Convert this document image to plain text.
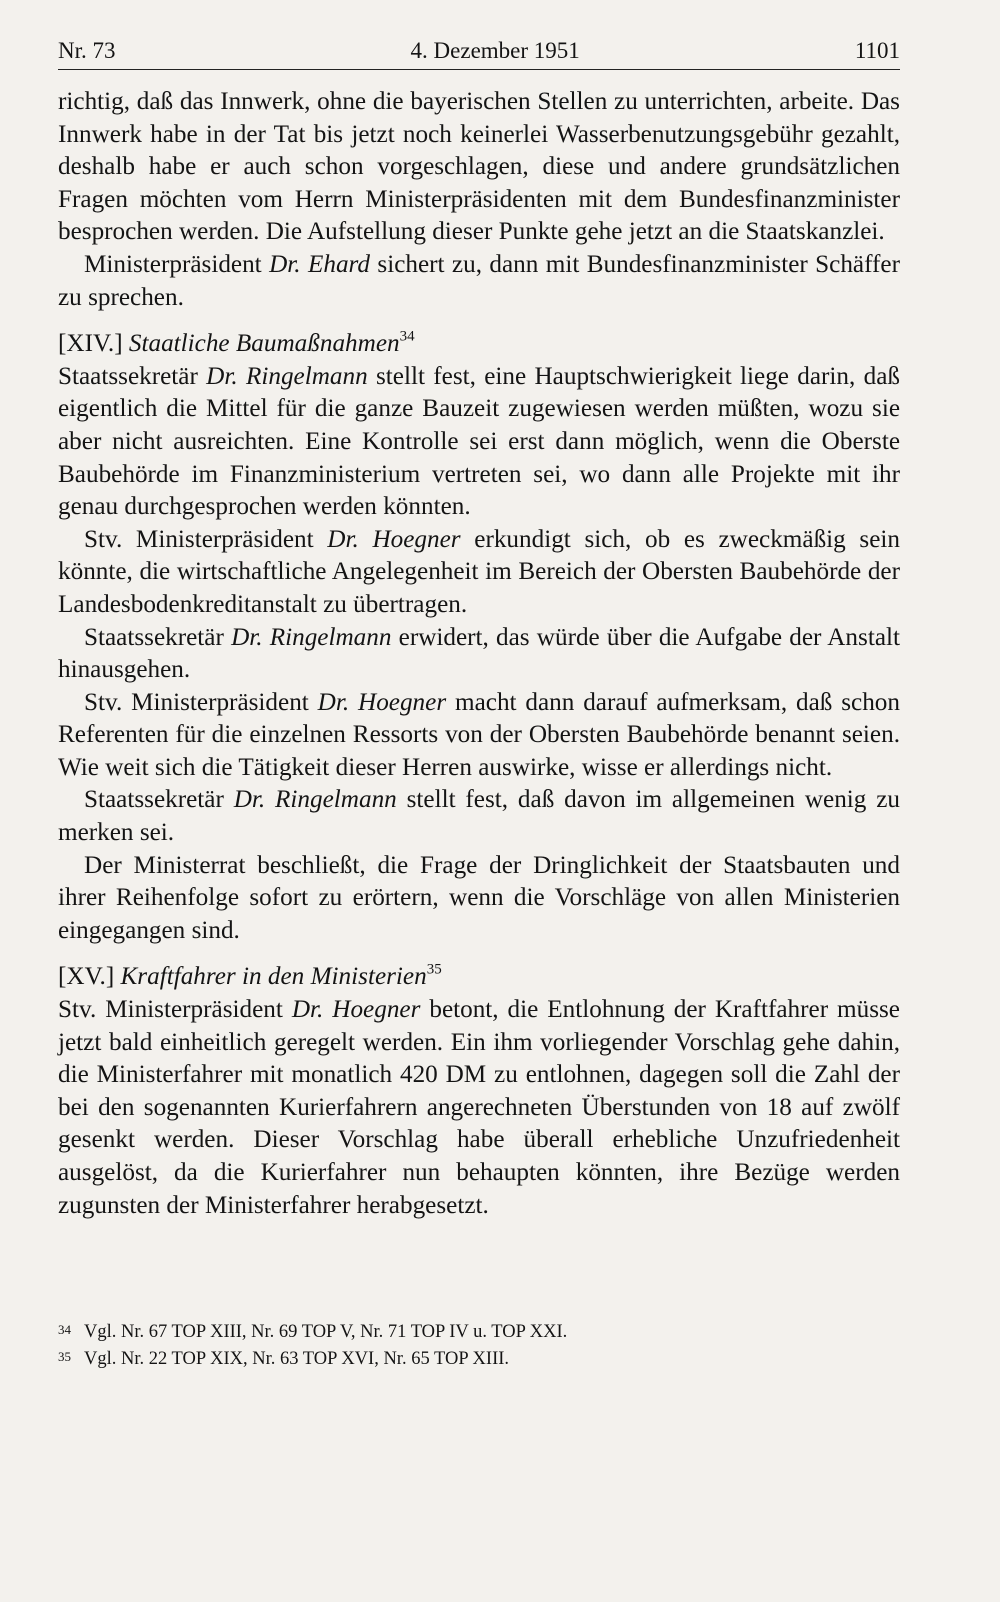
Nr. 73	4. Dezember 1951	1101

richtig, daß das Innwerk, ohne die bayerischen Stellen zu unterrichten, arbeite. Das Innwerk habe in der Tat bis jetzt noch keinerlei Wasserbenutzungsgebühr gezahlt, deshalb habe er auch schon vorgeschlagen, diese und andere grundsätzlichen Fragen möchten vom Herrn Ministerpräsidenten mit dem Bundesfinanzminister besprochen werden. Die Aufstellung dieser Punkte gehe jetzt an die Staatskanzlei.

Ministerpräsident Dr. Ehard sichert zu, dann mit Bundesfinanzminister Schäffer zu sprechen.

[XIV.] Staatliche Baumaßnahmen$^{34}$

Staatssekretär Dr. Ringelmann stellt fest, eine Hauptschwierigkeit liege darin, daß eigentlich die Mittel für die ganze Bauzeit zugewiesen werden müßten, wozu sie aber nicht ausreichten. Eine Kontrolle sei erst dann möglich, wenn die Oberste Baubehörde im Finanzministerium vertreten sei, wo dann alle Projekte mit ihr genau durchgesprochen werden könnten.

Stv. Ministerpräsident Dr. Hoegner erkundigt sich, ob es zweckmäßig sein könnte, die wirtschaftliche Angelegenheit im Bereich der Obersten Baubehörde der Landesbodenkreditanstalt zu übertragen.

Staatssekretär Dr. Ringelmann erwidert, das würde über die Aufgabe der Anstalt hinausgehen.

Stv. Ministerpräsident Dr. Hoegner macht dann darauf aufmerksam, daß schon Referenten für die einzelnen Ressorts von der Obersten Baubehörde benannt seien. Wie weit sich die Tätigkeit dieser Herren auswirke, wisse er allerdings nicht.

Staatssekretär Dr. Ringelmann stellt fest, daß davon im allgemeinen wenig zu merken sei.

Der Ministerrat beschließt, die Frage der Dringlichkeit der Staatsbauten und ihrer Reihenfolge sofort zu erörtern, wenn die Vorschläge von allen Ministerien eingegangen sind.

[XV.] Kraftfahrer in den Ministerien$^{35}$

Stv. Ministerpräsident Dr. Hoegner betont, die Entlohnung der Kraftfahrer müsse jetzt bald einheitlich geregelt werden. Ein ihm vorliegender Vorschlag gehe dahin, die Ministerfahrer mit monatlich 420 DM zu entlohnen, dagegen soll die Zahl der bei den sogenannten Kurierfahrern angerechneten Überstunden von 18 auf zwölf gesenkt werden. Dieser Vorschlag habe überall erhebliche Unzufriedenheit ausgelöst, da die Kurierfahrer nun behaupten könnten, ihre Bezüge werden zugunsten der Ministerfahrer herabgesetzt.

34 Vgl. Nr. 67 TOP XIII, Nr. 69 TOP V, Nr. 71 TOP IV u. TOP XXI.
35 Vgl. Nr. 22 TOP XIX, Nr. 63 TOP XVI, Nr. 65 TOP XIII.
